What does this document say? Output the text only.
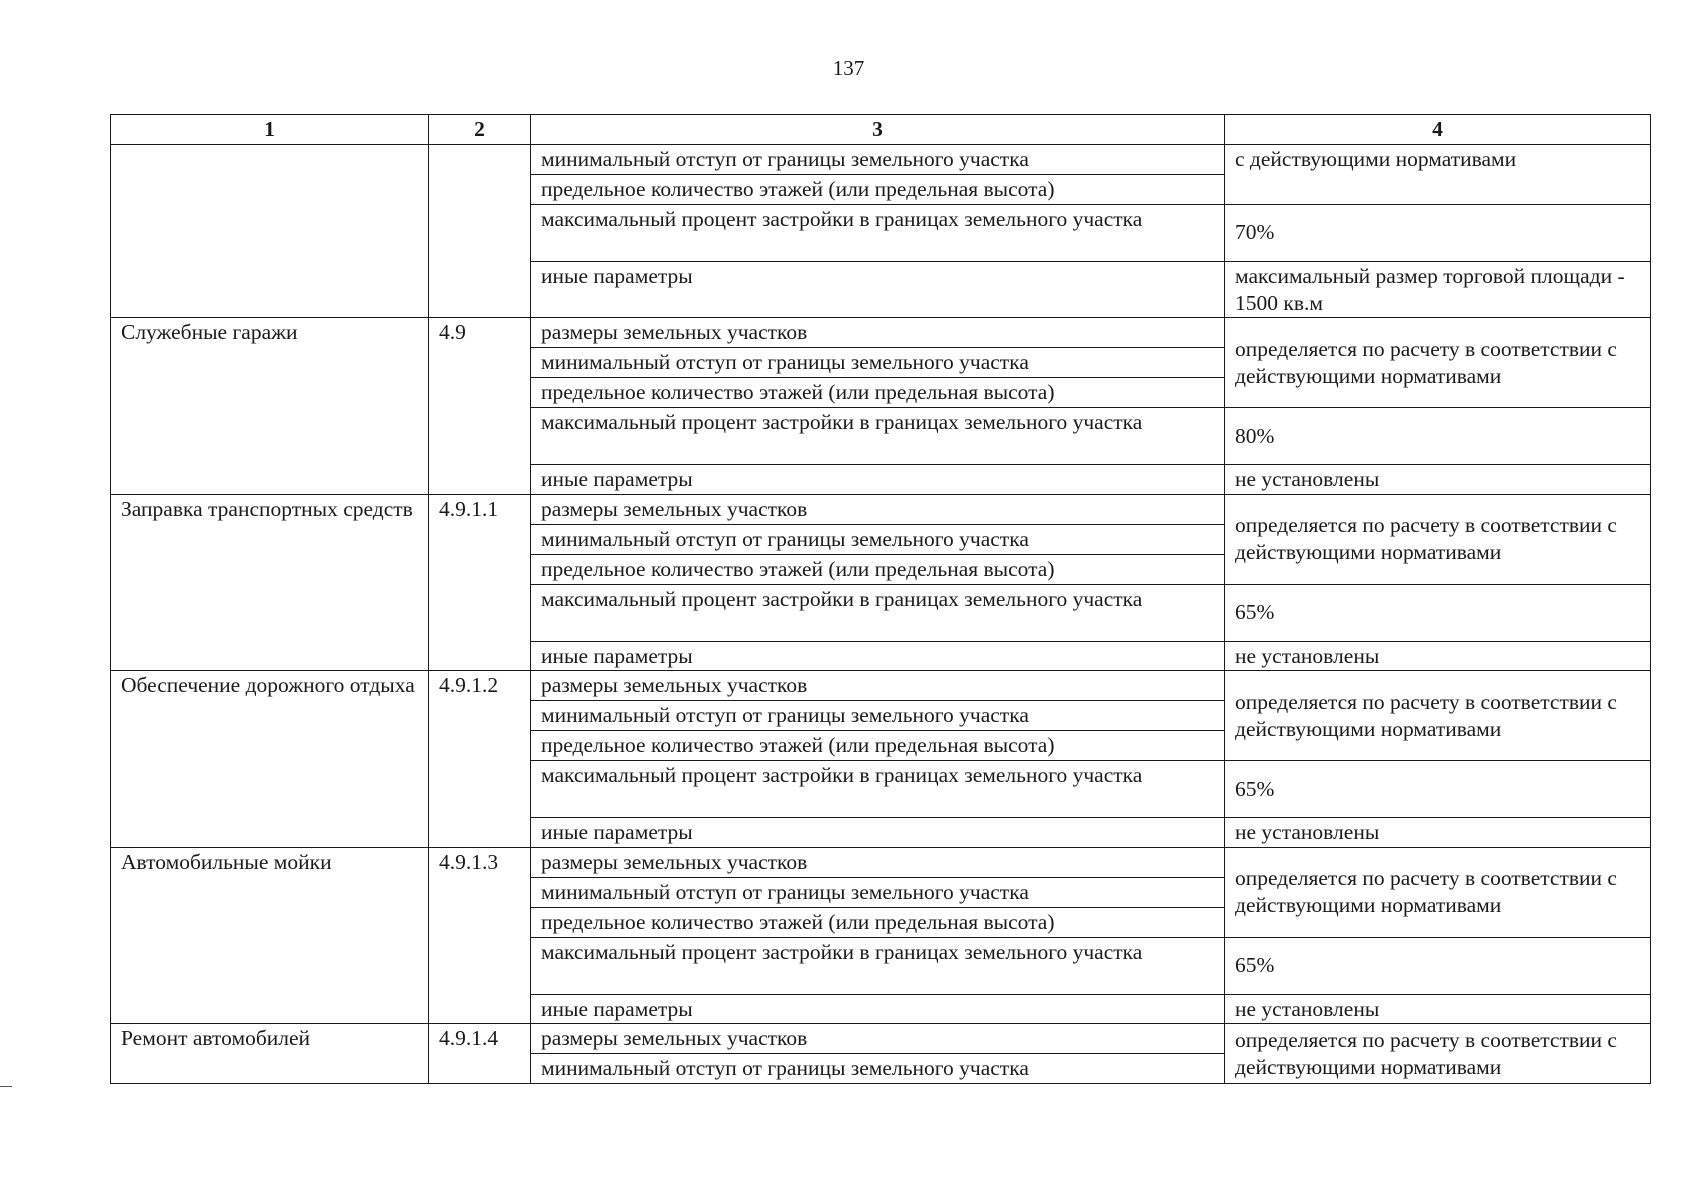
137
1	2	3	4
		минимальный отступ от границы земельного участка	с действующими нормативами
		предельное количество этажей (или предельная высота)	
		максимальный процент застройки в границах земельного участка	70%
		иные параметры	максимальный размер торговой площади - 1500 кв.м
Служебные гаражи	4.9	размеры земельных участков	определяется по расчету в соответствии с действующими нормативами
		минимальный отступ от границы земельного участка	
		предельное количество этажей (или предельная высота)	
		максимальный процент застройки в границах земельного участка	80%
		иные параметры	не установлены
Заправка транспортных средств	4.9.1.1	размеры земельных участков	определяется по расчету в соответствии с действующими нормативами
		минимальный отступ от границы земельного участка	
		предельное количество этажей (или предельная высота)	
		максимальный процент застройки в границах земельного участка	65%
		иные параметры	не установлены
Обеспечение дорожного отдыха	4.9.1.2	размеры земельных участков	определяется по расчету в соответствии с действующими нормативами
		минимальный отступ от границы земельного участка	
		предельное количество этажей (или предельная высота)	
		максимальный процент застройки в границах земельного участка	65%
		иные параметры	не установлены
Автомобильные мойки	4.9.1.3	размеры земельных участков	определяется по расчету в соответствии с действующими нормативами
		минимальный отступ от границы земельного участка	
		предельное количество этажей (или предельная высота)	
		максимальный процент застройки в границах земельного участка	65%
		иные параметры	не установлены
Ремонт автомобилей	4.9.1.4	размеры земельных участков	определяется по расчету в соответствии с действующими нормативами
		минимальный отступ от границы земельного участка	
